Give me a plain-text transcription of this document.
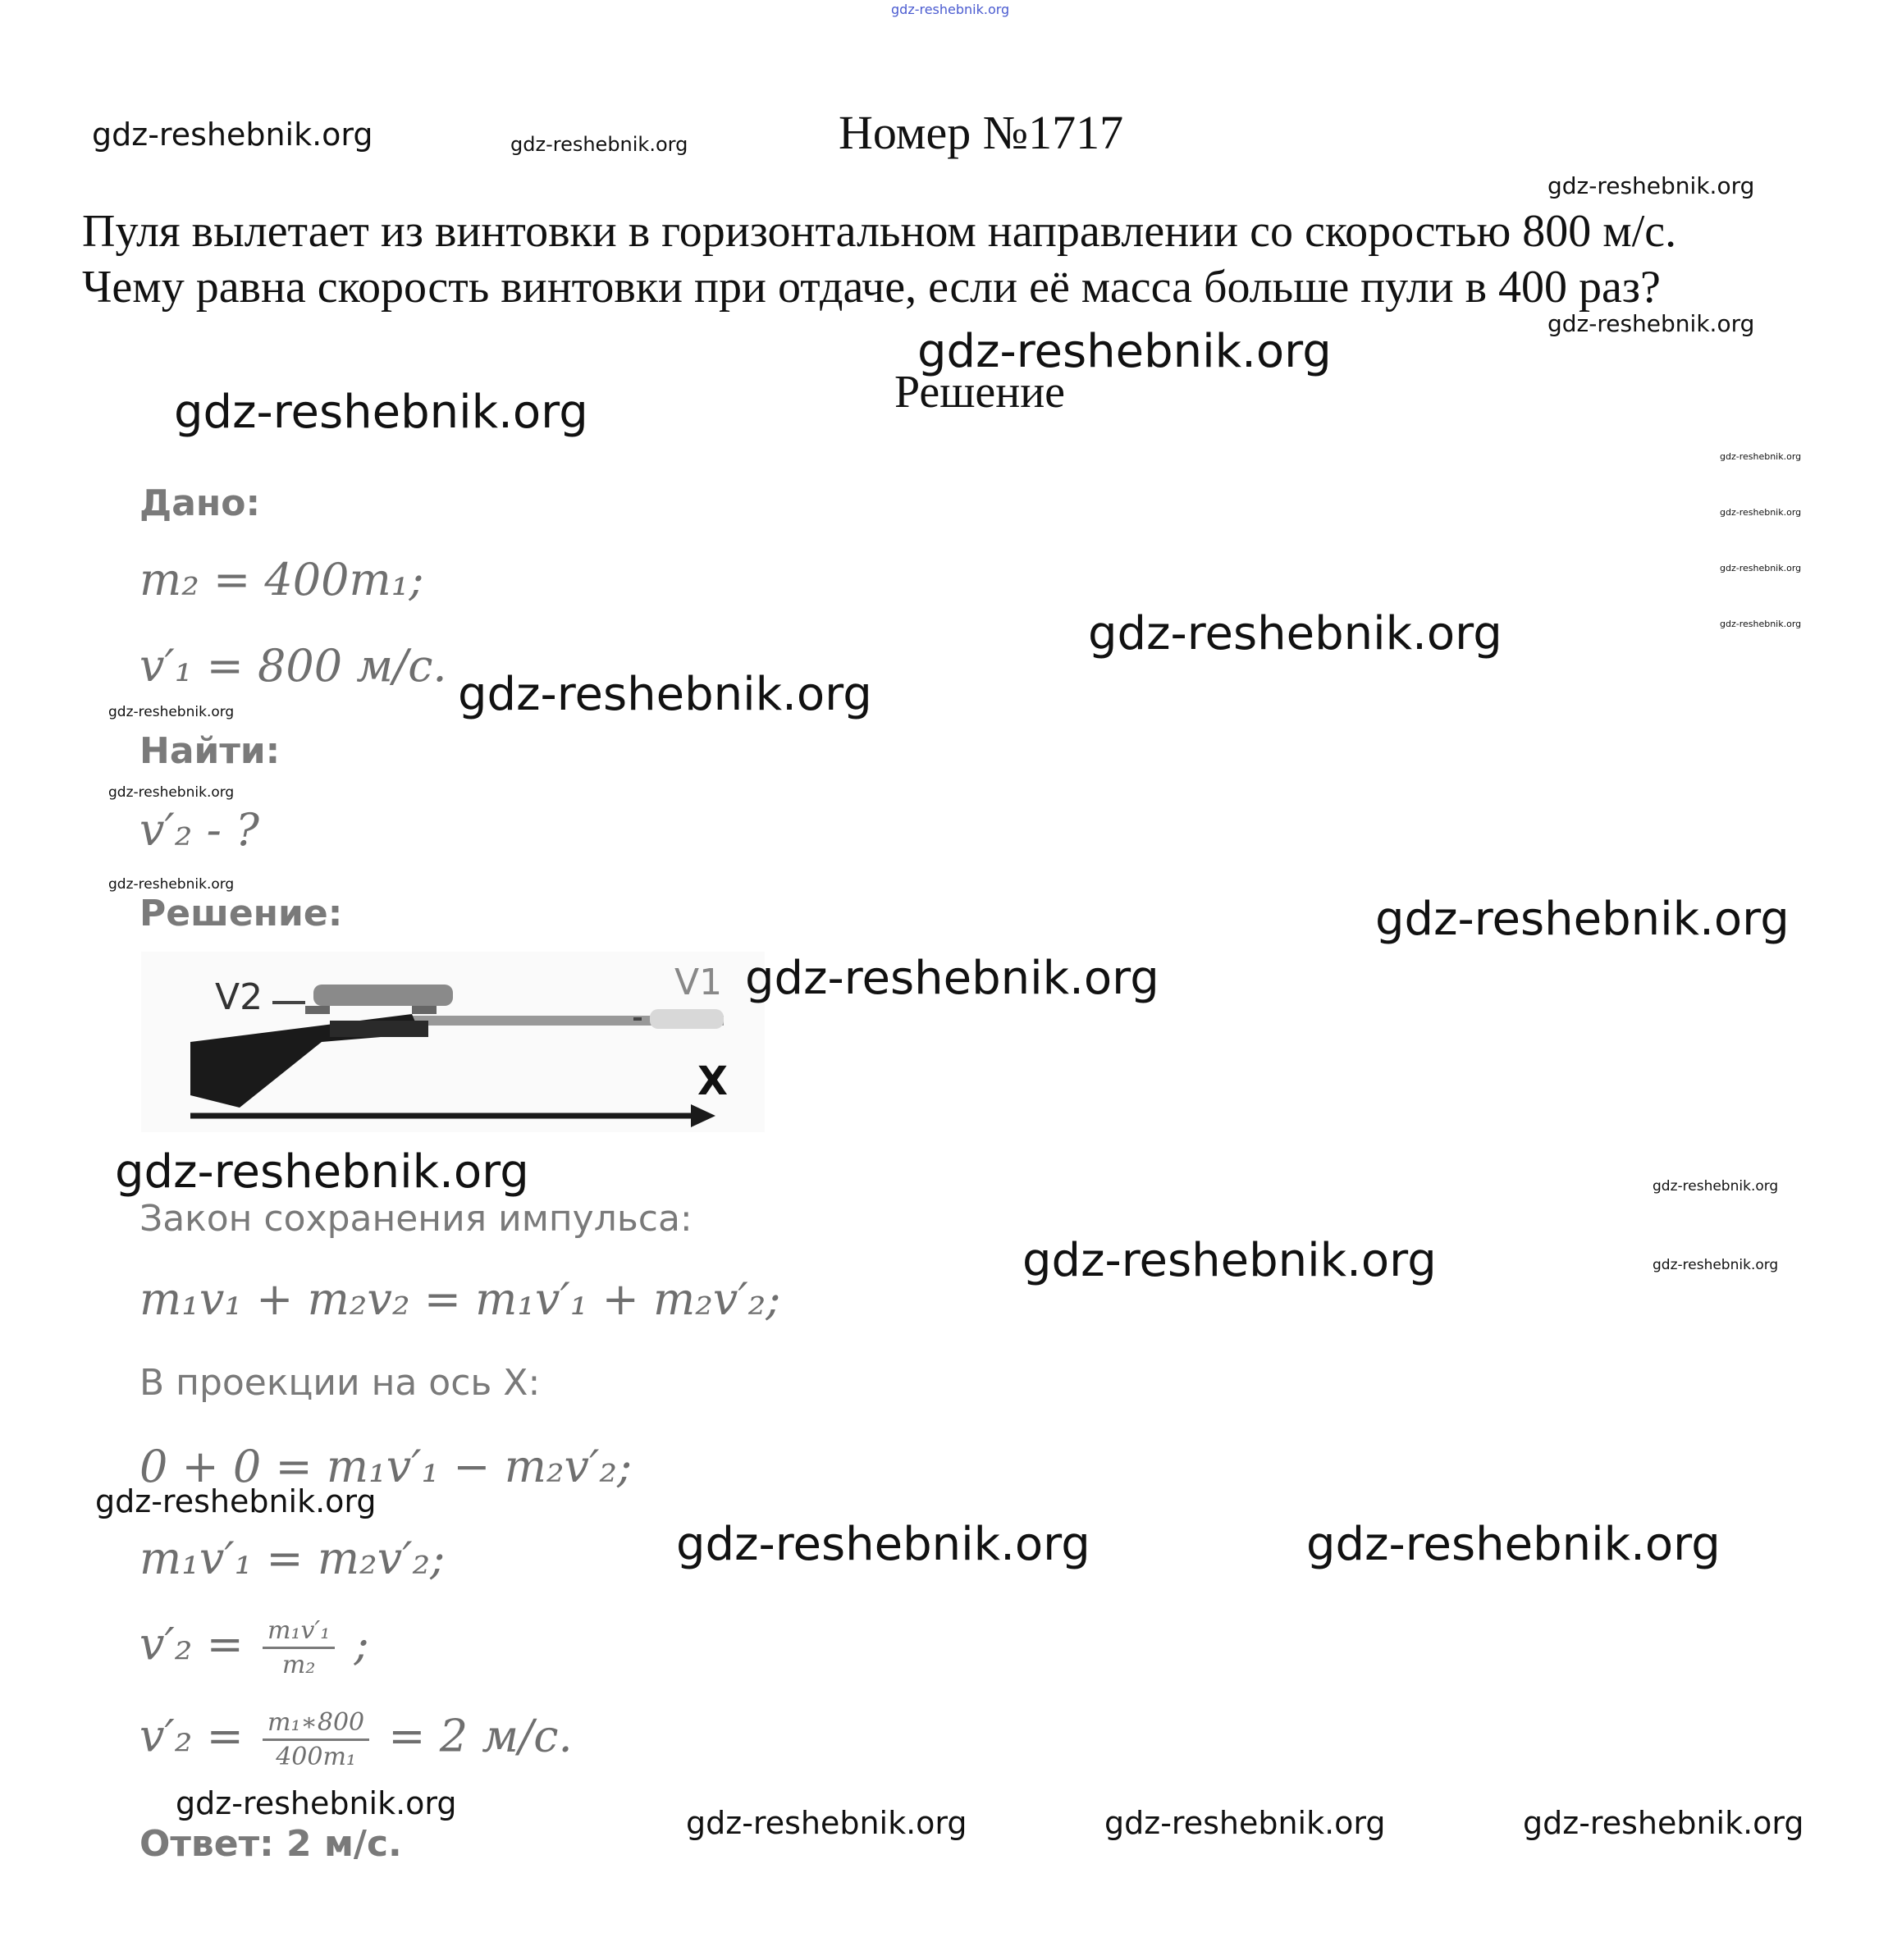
gdz-reshebnik.org
Номер №1717
Пуля вылетает из винтовки в горизонтальном направлении со скоростью 800 м/с.
Чему равна скорость винтовки при отдаче, если её масса больше пули в 400 раз?
Решение
Дано:
m₂ = 400m₁;
v′₁ = 800 м/с.
Найти:
v′₂ - ?
Решение:
V2	V1
X
Закон сохранения импульса:
m₁v₁ + m₂v₂ = m₁v′₁ + m₂v′₂;
В проекции на ось X:
0 + 0 = m₁v′₁ − m₂v′₂;
m₁v′₁ = m₂v′₂;
$v'_2 = \frac{\text{m₁v′₁}}{\text{m₂}}$ ;
$v'_2 = \frac{\text{m₁∗800}}{\text{400m₁}} = 2$ м/с.
Ответ: 2 м/с.
gdz-reshebnik.org	gdz-reshebnik.org
gdz-reshebnik.org
gdz-reshebnik.org
gdz-reshebnik.org
gdz-reshebnik.org
gdz-reshebnik.org
gdz-reshebnik.org
gdz-reshebnik.org
gdz-reshebnik.org
gdz-reshebnik.org
gdz-reshebnik.org
gdz-reshebnik.org
gdz-reshebnik.org
gdz-reshebnik.org
gdz-reshebnik.org
gdz-reshebnik.org
gdz-reshebnik.org	gdz-reshebnik.org
gdz-reshebnik.org	gdz-reshebnik.org
gdz-reshebnik.org
gdz-reshebnik.org	gdz-reshebnik.org
gdz-reshebnik.org
gdz-reshebnik.org	gdz-reshebnik.org	gdz-reshebnik.org
